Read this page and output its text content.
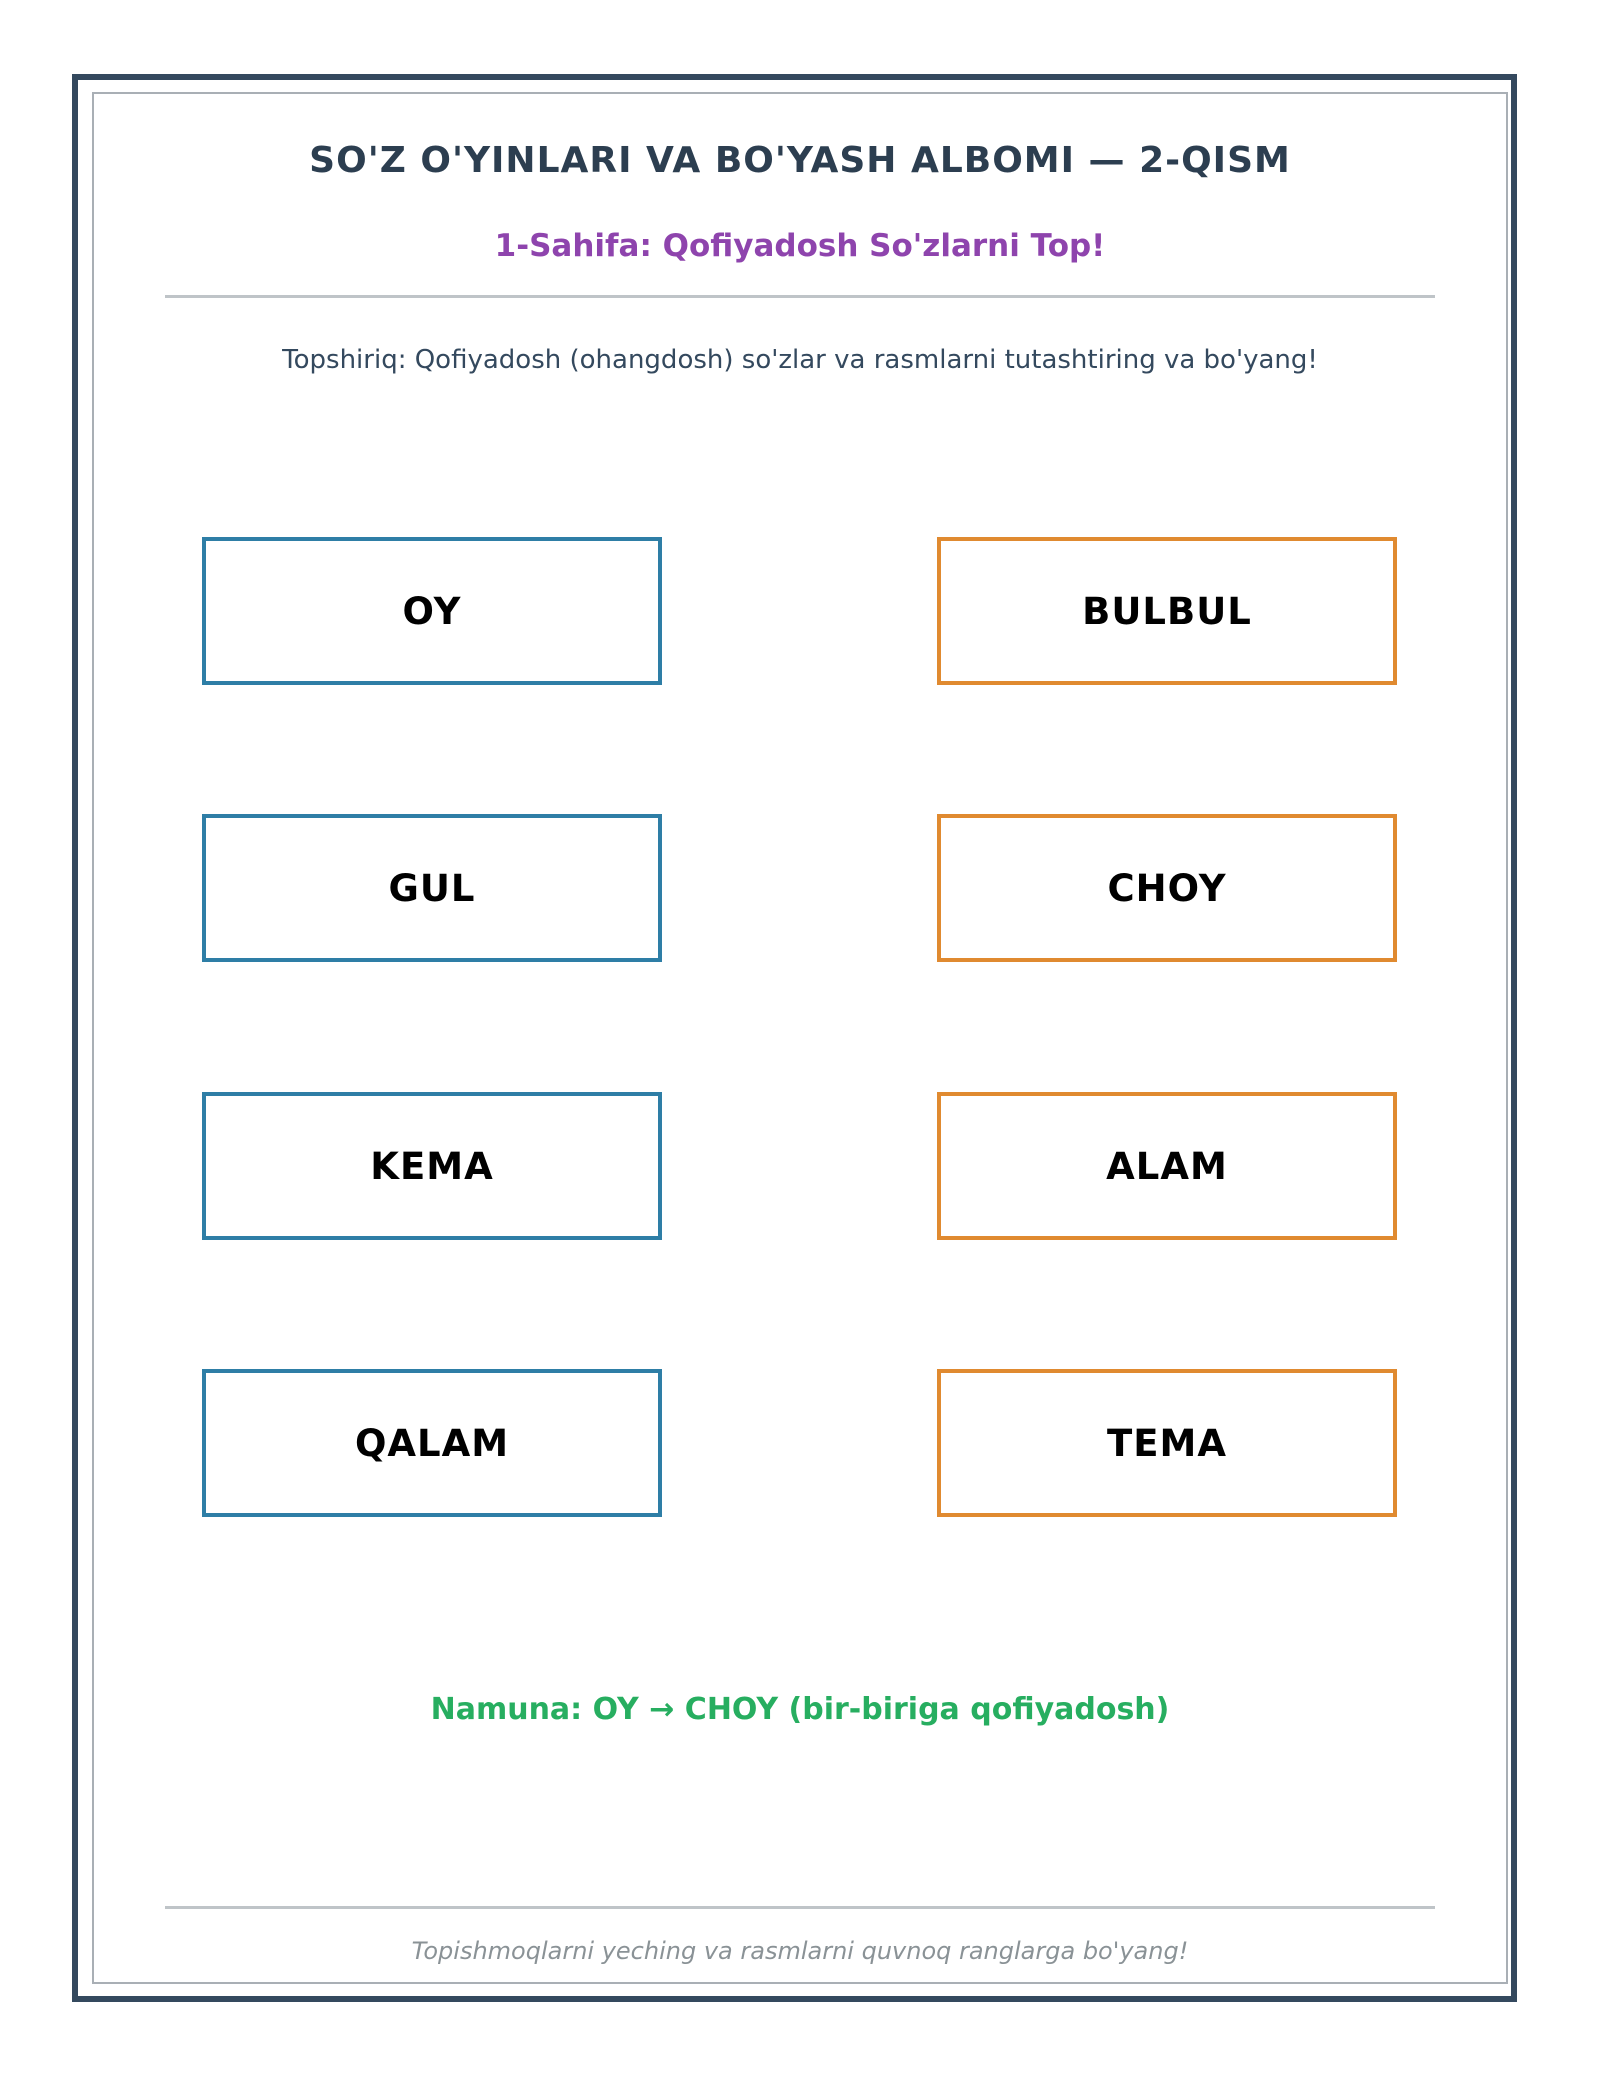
SO'Z O'YINLARI VA BO'YASH ALBOMI — 2-QISM
1-Sahifa: Qofiyadosh So'zlarni Top!
Topshiriq: Qofiyadosh (ohangdosh) so'zlar va rasmlarni tutashtiring va bo'yang!
OY
GUL
KEMA
QALAM
BULBUL
CHOY
ALAM
TEMA
Namuna: OY → CHOY (bir-biriga qofiyadosh)
Topishmoqlarni yeching va rasmlarni quvnoq ranglarga bo'yang!
